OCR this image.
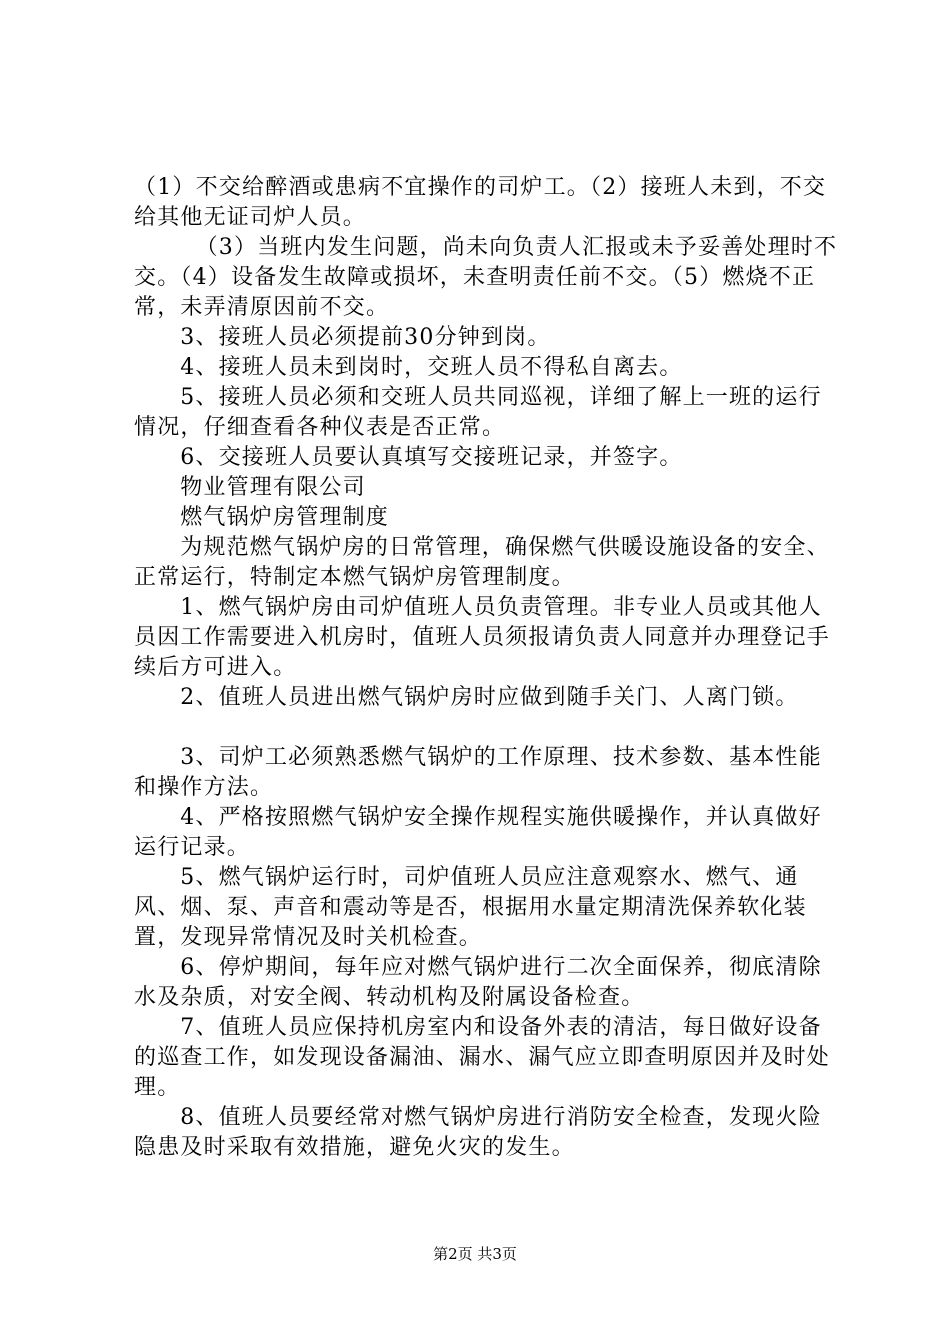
（1）不交给醉酒或患病不宜操作的司炉工。（2）接班人未到，不交给其他无证司炉人员。

（3）当班内发生问题，尚未向负责人汇报或未予妥善处理时不交。（4）设备发生故障或损坏，未查明责任前不交。（5）燃烧不正常，未弄清原因前不交。

3、接班人员必须提前30分钟到岗。

4、接班人员未到岗时，交班人员不得私自离去。

5、接班人员必须和交班人员共同巡视，详细了解上一班的运行情况，仔细查看各种仪表是否正常。

6、交接班人员要认真填写交接班记录，并签字。

物业管理有限公司

燃气锅炉房管理制度

为规范燃气锅炉房的日常管理，确保燃气供暖设施设备的安全、正常运行，特制定本燃气锅炉房管理制度。

1、燃气锅炉房由司炉值班人员负责管理。非专业人员或其他人员因工作需要进入机房时，值班人员须报请负责人同意并办理登记手续后方可进入。

2、值班人员进出燃气锅炉房时应做到随手关门、人离门锁。

3、司炉工必须熟悉燃气锅炉的工作原理、技术参数、基本性能和操作方法。

4、严格按照燃气锅炉安全操作规程实施供暖操作，并认真做好运行记录。

5、燃气锅炉运行时，司炉值班人员应注意观察水、燃气、通风、烟、泵、声音和震动等是否，根据用水量定期清洗保养软化装置，发现异常情况及时关机检查。

6、停炉期间，每年应对燃气锅炉进行二次全面保养，彻底清除水及杂质，对安全阀、转动机构及附属设备检查。

7、值班人员应保持机房室内和设备外表的清洁，每日做好设备的巡查工作，如发现设备漏油、漏水、漏气应立即查明原因并及时处理。

8、值班人员要经常对燃气锅炉房进行消防安全检查，发现火险隐患及时采取有效措施，避免火灾的发生。

第2页 共3页
